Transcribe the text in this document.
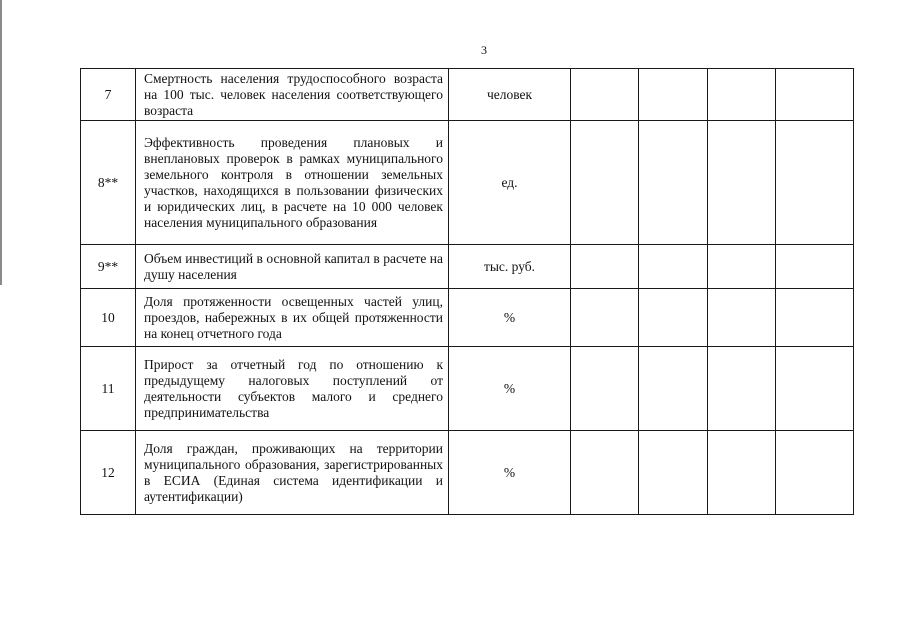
3
7	Смертность населения трудоспособного возраста на 100 тыс. человек населения соответствующего возраста	человек				
8**	Эффективность проведения плановых и внеплановых проверок в рамках муниципального земельного контроля в отношении земельных участков, находящихся в пользовании физических и юридических лиц, в расчете на 10 000 человек населения муниципального образования	ед.				
9**	Объем инвестиций в основной капитал в расчете на душу населения	тыс. руб.				
10	Доля протяженности освещенных частей улиц, проездов, набережных в их общей протяженности на конец отчетного года	%				
11	Прирост за отчетный год по отношению к предыдущему налоговых поступлений от деятельности субъектов малого и среднего предпринимательства	%				
12	Доля граждан, проживающих на территории муниципального образования, зарегистрированных в ЕСИА (Единая система идентификации и аутентификации)	%				
